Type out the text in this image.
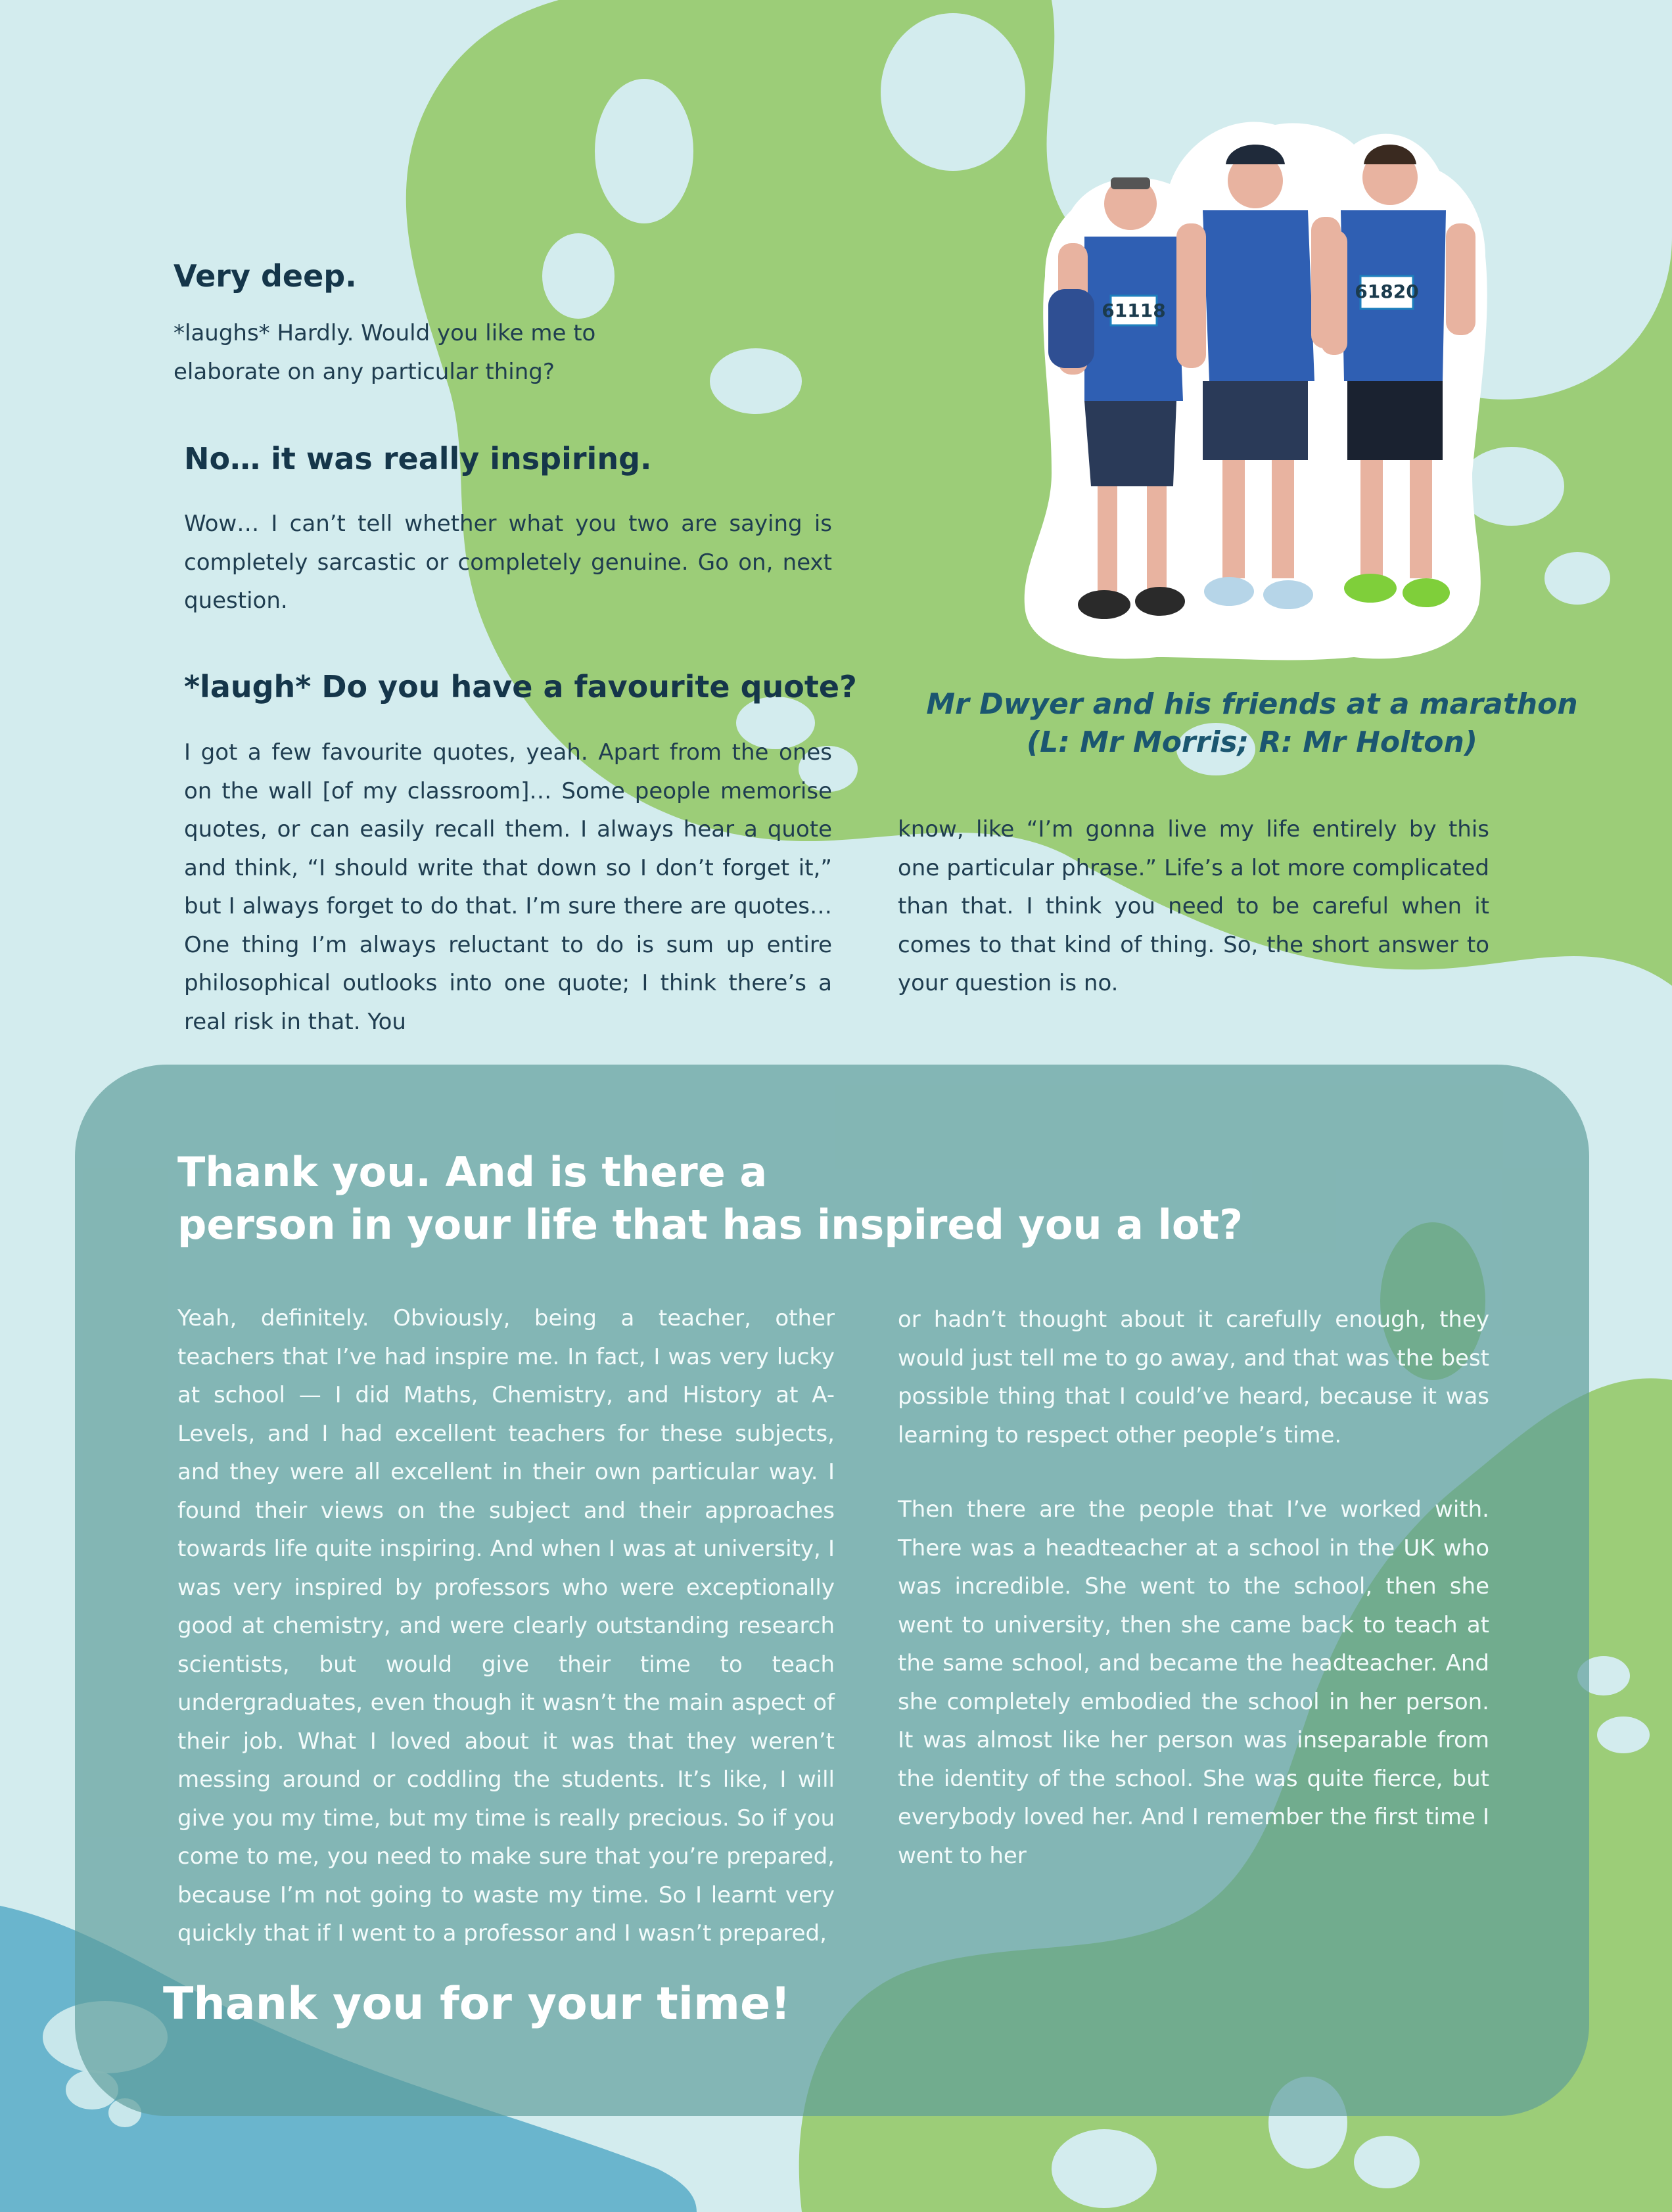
Very deep.

*laughs* Hardly. Would you like me to elaborate on any particular thing?

No… it was really inspiring.

Wow… I can’t tell whether what you two are saying is completely sarcastic or completely genuine. Go on, next question.

*laugh* Do you have a favourite quote?

I got a few favourite quotes, yeah. Apart from the ones on the wall [of my classroom]… Some people memorise quotes, or can easily recall them. I always hear a quote and think, “I should write that down so I don’t forget it,” but I always forget to do that. I’m sure there are quotes… One thing I’m always reluctant to do is sum up entire philosophical outlooks into one quote; I think there’s a real risk in that. You

know, like “I’m gonna live my life entirely by this one particular phrase.” Life’s a lot more complicated than that. I think you need to be careful when it comes to that kind of thing. So, the short answer to your question is no.

61118
61820

Mr Dwyer and his friends at a marathon

(L: Mr Morris; R: Mr Holton)

Thank you. And is there a
person in your life that has inspired you a lot?

Yeah, definitely. Obviously, being a teacher, other teachers that I’ve had inspire me. In fact, I was very lucky at school — I did Maths, Chemistry, and History at A-Levels, and I had excellent teachers for these subjects, and they were all excellent in their own particular way. I found their views on the subject and their approaches towards life quite inspiring. And when I was at university, I was very inspired by professors who were exceptionally good at chemistry, and were clearly outstanding research scientists, but would give their time to teach undergraduates, even though it wasn’t the main aspect of their job. What I loved about it was that they weren’t messing around or coddling the students. It’s like, I will give you my time, but my time is really precious. So if you come to me, you need to make sure that you’re prepared, because I’m not going to waste my time. So I learnt very quickly that if I went to a professor and I wasn’t prepared,

or hadn’t thought about it carefully enough, they would just tell me to go away, and that was the best possible thing that I could’ve heard, because it was learning to respect other people’s time.

Then there are the people that I’ve worked with. There was a headteacher at a school in the UK who was incredible. She went to the school, then she went to university, then she came back to teach at the same school, and became the headteacher. And she completely embodied the school in her person. It was almost like her person was inseparable from the identity of the school. She was quite fierce, but everybody loved her. And I remember the first time I went to her

Thank you for your time!
